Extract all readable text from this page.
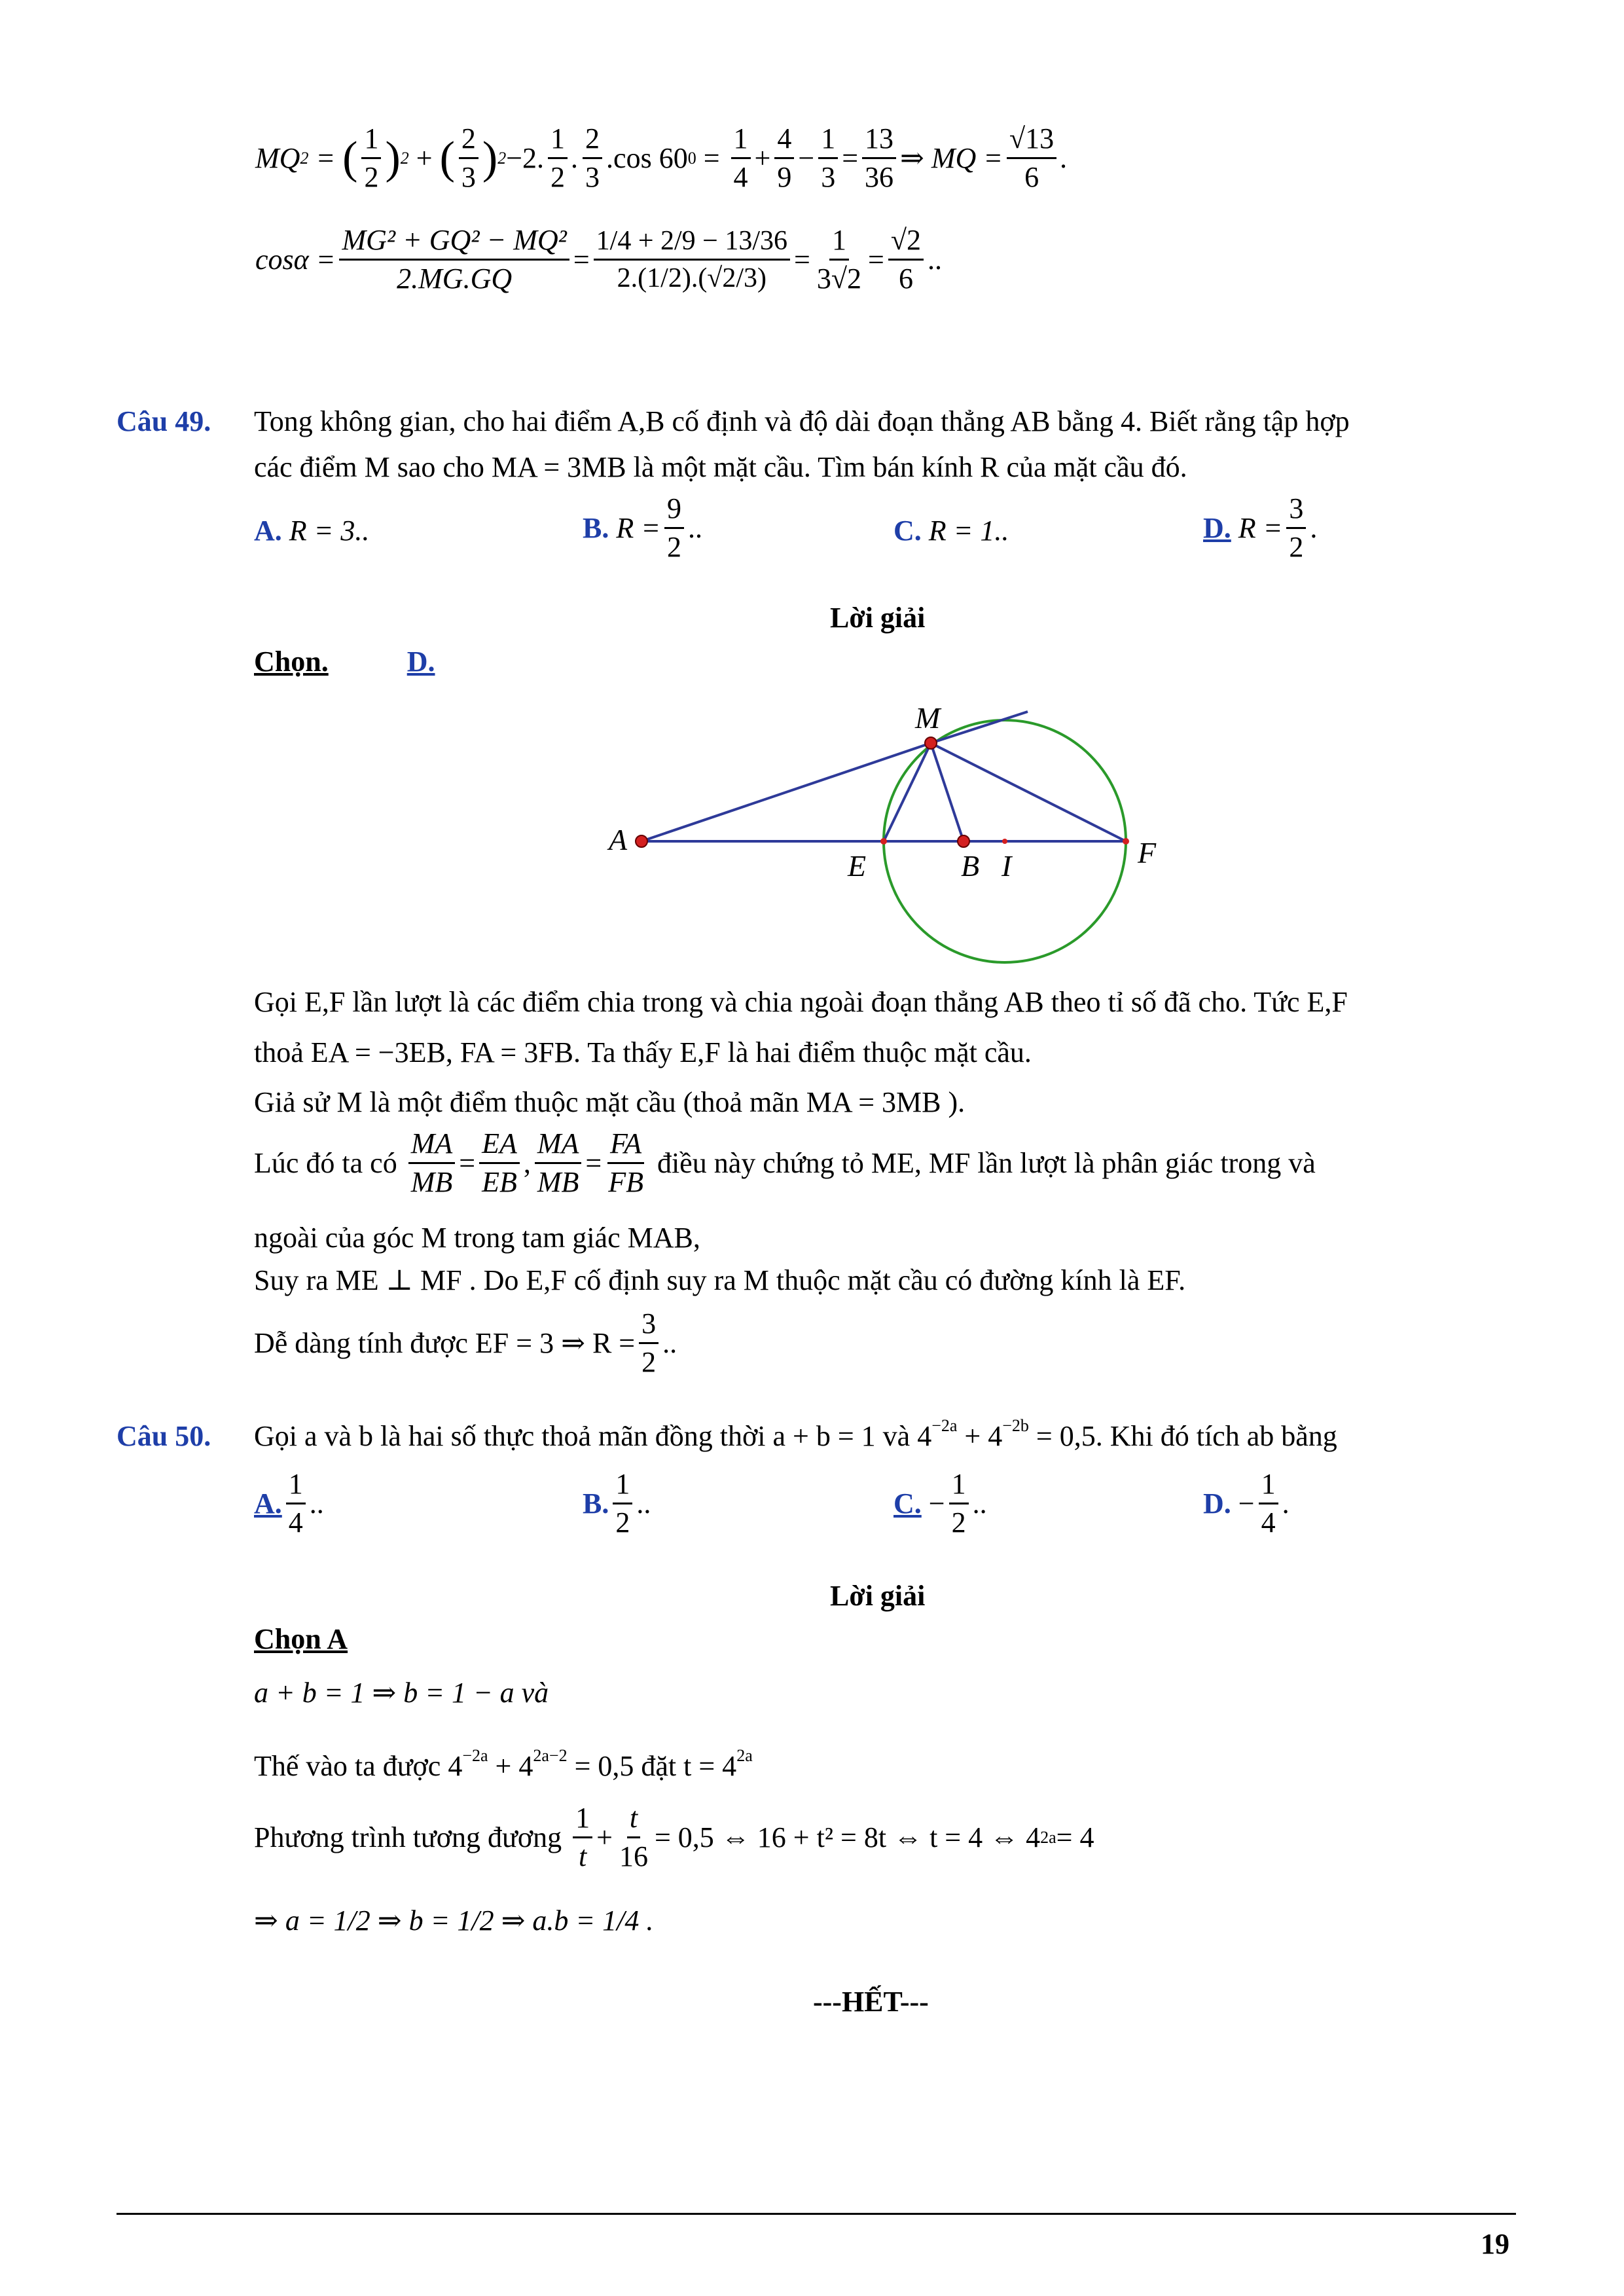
MQ 2 = ( $\frac{1}{2}$ ) 2 + ( $\frac{2}{3}$ ) 2 −2. $\frac{1}{2}$ . $\frac{2}{3} .\cos$ 60 $0 = \frac{1}{4} + \frac{4}{9} - \frac{1}{3} = \frac{13}{36}$ ⇒ MQ = $\frac{√13}{6}$ .
$\cos\alpha = \frac{\text{MG² + GQ² − MQ²}}{2.MG.GQ} = \frac{1/4 + 2/9 - 13/36}{2.(1/2).(√2/3)} = \frac{1}{3√2} = \frac{√2}{6}$ ..
Câu 49. Tong không gian, cho hai điểm A,B cố định và độ dài đoạn thẳng AB bằng 4. Biết rằng tập hợp
các điểm M sao cho MA = 3MB là một mặt cầu. Tìm bán kính R của mặt cầu đó.
A. R = 3..	B.
$R = \frac{9}{2}$ ..	C. R = 1..	D.
$R = \frac{3}{2}$ .
Lời giải
Chọn.	D.
M
A
E	B I	F
Gọi E,F lần lượt là các điểm chia trong và chia ngoài đoạn thẳng AB theo tỉ số đã cho. Tức E,F
thoả EA = −3EB, FA = 3FB. Ta thấy E,F là hai điểm thuộc mặt cầu.
Giả sử M là một điểm thuộc mặt cầu (thoả mãn MA = 3MB ).
Lúc đó ta có
$\frac{MA}{MB} = \frac{EA}{EB}$ , $\frac{MA}{MB} = \frac{FA}{FB}$
điều này chứng tỏ ME, MF lần lượt là phân giác trong và
ngoài của góc M trong tam giác MAB,
Suy ra ME ⊥ MF . Do E,F cố định suy ra M thuộc mặt cầu có đường kính là EF.
Dễ dàng tính được EF = 3 ⇒ $R = \frac{3}{2}$ ..
Câu 50. Gọi a và b là hai số thực thoả mãn đồng thời a + b = 1 và $4^{-2a} + 4^{-2b} = 0,5$. Khi đó tích ab bằng
A. $\frac{1}{4}$ ..	B. $\frac{1}{2}$ ..	C. − $\frac{1}{2}$ ..	D. − $\frac{1}{4}$ .
Lời giải
Chọn A
a + b = 1 ⇒ b = 1 − a và
Thế vào ta được $4^{-2a} + 4^{2a-2} = 0,5$ đặt $t = 4^{2a}$
Phương trình tương đương
$\frac{1}{t} + \frac{t}{16} = 0,5$ ⇔ 16 + t² = 8t ⇔ t = 4 ⇔ 4 2a = 4
⇒ a = 1/2 ⇒ b = 1/2 ⇒ a.b = 1/4 .
---HẾT---
19
